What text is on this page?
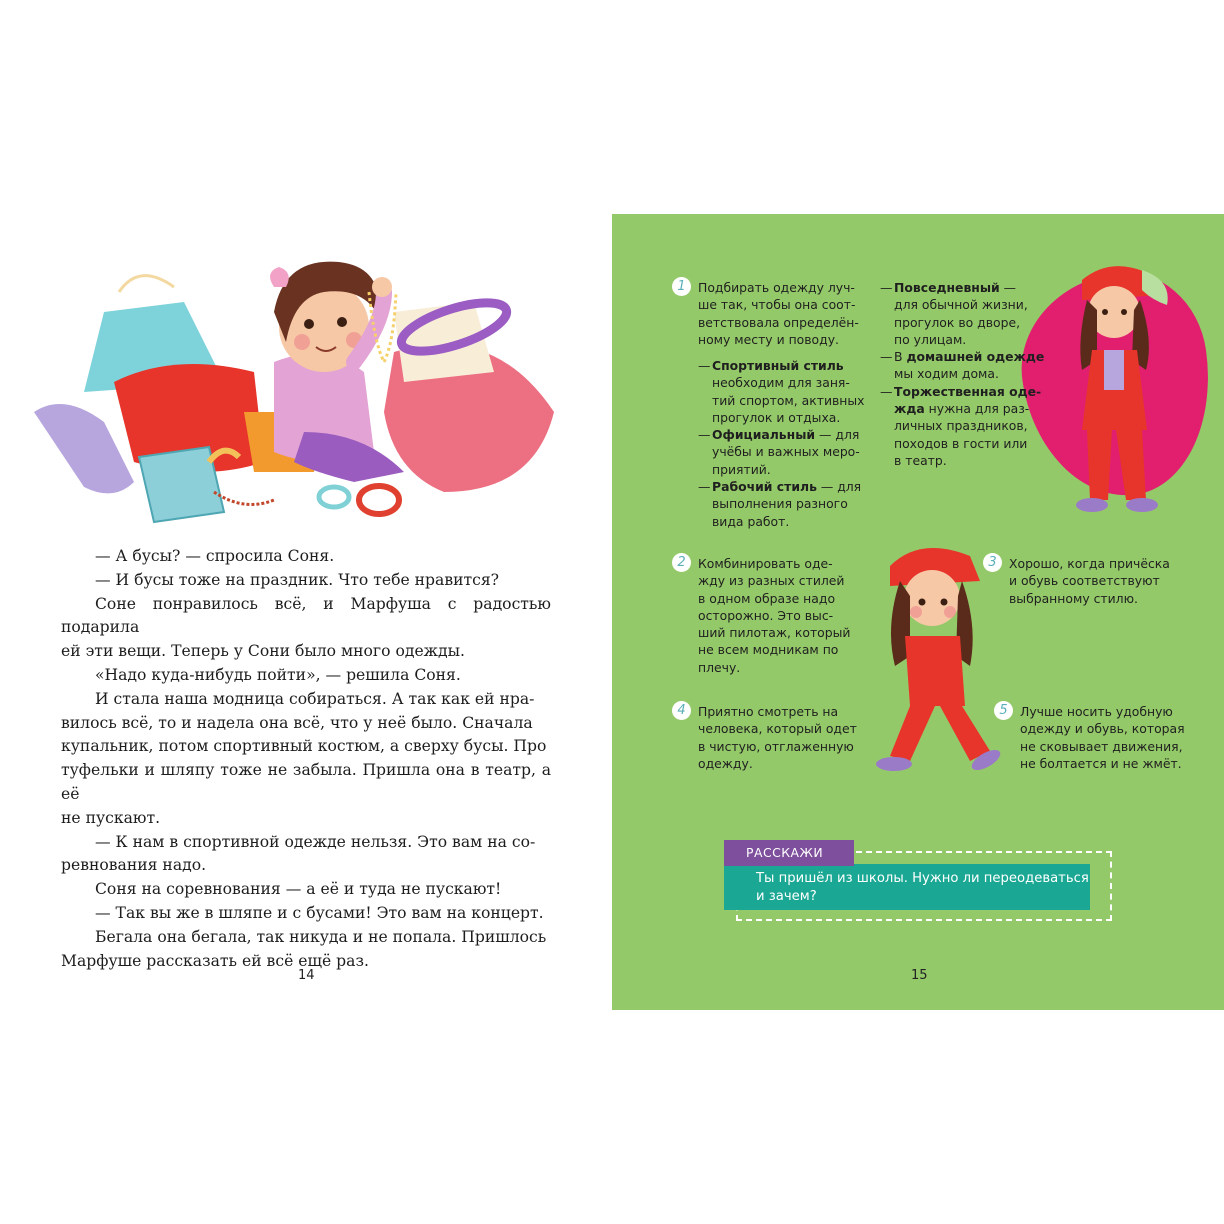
— А бусы? — спросила Соня.

— И бусы тоже на праздник. Что тебе нравится?

Соне понравилось всё, и Марфуша с радостью подарила

ей эти вещи. Теперь у Сони было много одежды.

«Надо куда-нибудь пойти», — решила Соня.

И стала наша модница собираться. А так как ей нра-

вилось всё, то и надела она всё, что у неё было. Сначала

купальник, потом спортивный костюм, а сверху бусы. Про

туфельки и шляпу тоже не забыла. Пришла она в театр, а её

не пускают.

— К нам в спортивной одежде нельзя. Это вам на со-

ревнования надо.

Соня на соревнования — а её и туда не пускают!

— Так вы же в шляпе и с бусами! Это вам на концерт.

Бегала она бегала, так никуда и не попала. Пришлось

Марфуше рассказать ей всё ещё раз.

14
1 Подбирать одежду луч-
ше так, чтобы она соот-
ветствовала определён-
ному месту и поводу.
— Спортивный стиль
необходим для заня-
тий спортом, активных
прогулок и отдыха.
— Официальный — для
учёбы и важных меро-
приятий.
— Рабочий стиль — для
выполнения разного
вида работ.
— Повседневный —
для обычной жизни,
прогулок во дворе,
по улицам.
— В домашней одежде
мы ходим дома.
— Торжественная оде-
жда нужна для раз-
личных праздников,
походов в гости или
в театр.
2 Комбинировать оде-
жду из разных стилей
в одном образе надо
осторожно. Это выс-
ший пилотаж, который
не всем модникам по
плечу.
3 Хорошо, когда причёска
и обувь соответствуют
выбранному стилю.
4 Приятно смотреть на
человека, который одет
в чистую, отглаженную
одежду.
5 Лучше носить удобную
одежду и обувь, которая
не сковывает движения,
не болтается и не жмёт.
РАССКАЖИ
Ты пришёл из школы. Нужно ли переодеваться
и зачем?
15
